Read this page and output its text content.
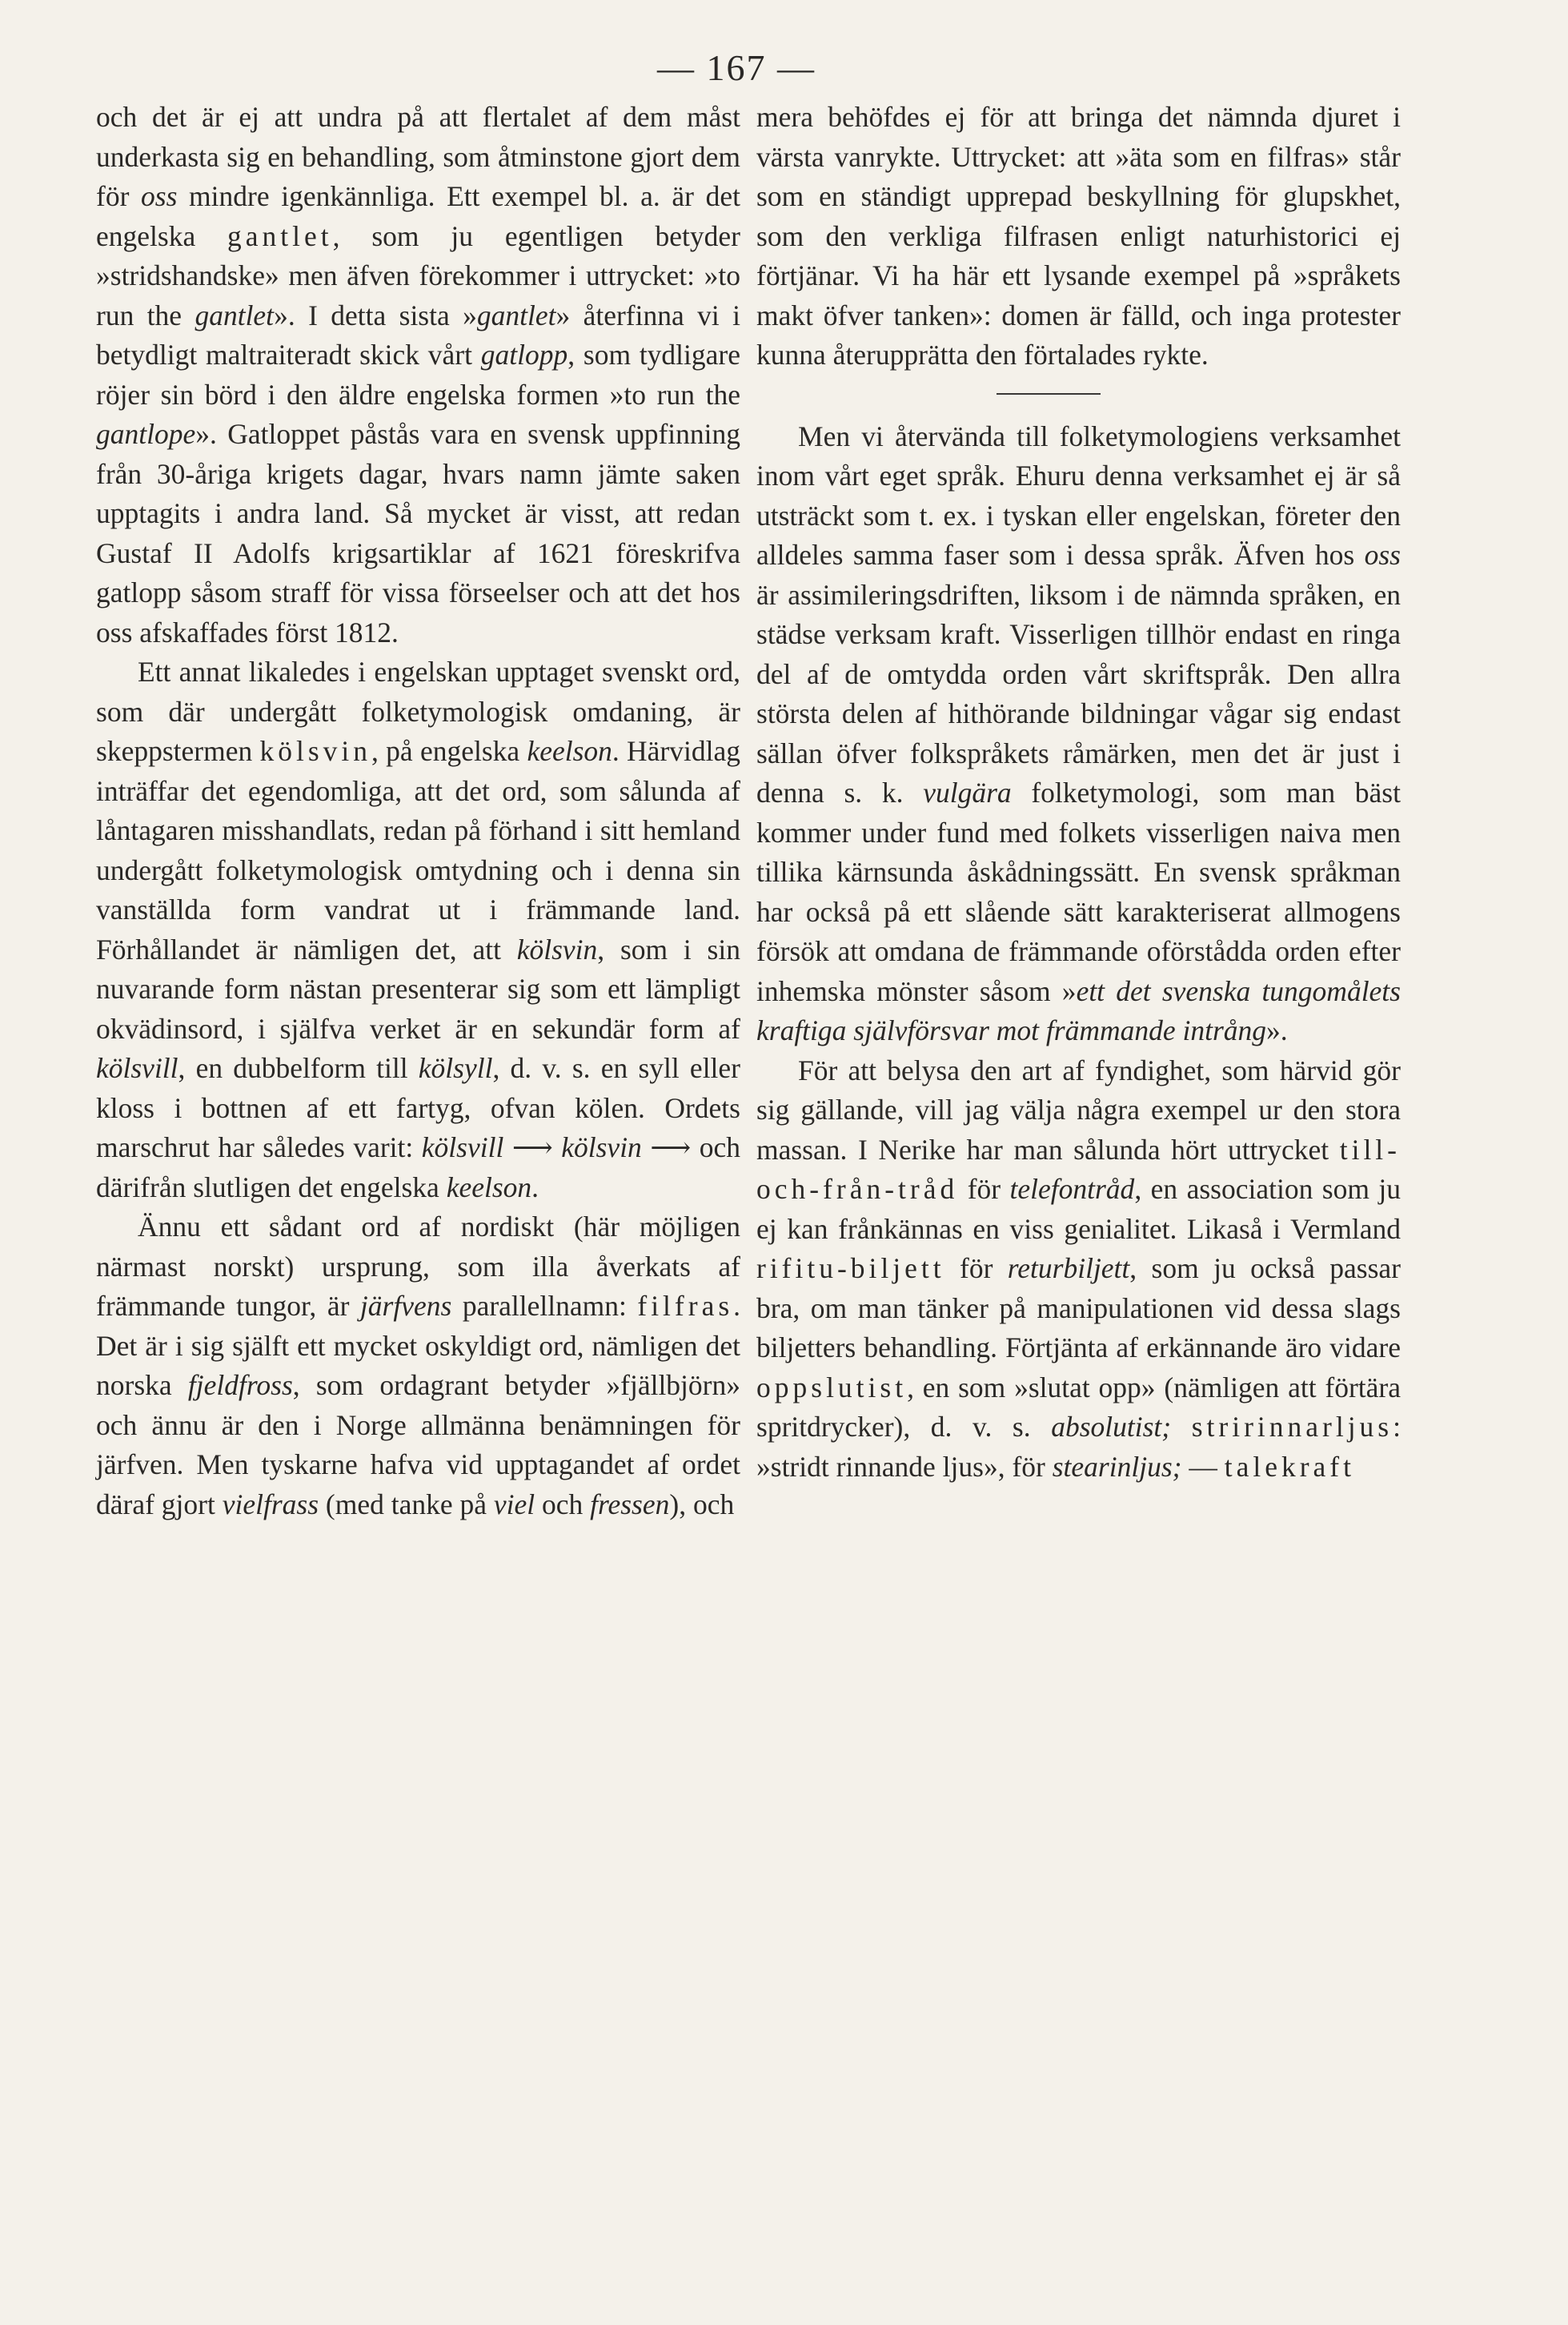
— 167 —

och det är ej att undra på att flertalet af dem måst underkasta sig en behandling, som åtminstone gjort dem för oss mindre igenkännliga. Ett exempel bl. a. är det engelska gantlet, som ju egentligen betyder »stridshandske» men äfven förekommer i uttrycket: »to run the gantlet». I detta sista »gantlet» återfinna vi i betydligt maltraiteradt skick vårt gatlopp, som tydligare röjer sin börd i den äldre engelska formen »to run the gantlope». Gatloppet påstås vara en svensk uppfinning från 30-åriga krigets dagar, hvars namn jämte saken upptagits i andra land. Så mycket är visst, att redan Gustaf II Adolfs krigsartiklar af 1621 föreskrifva gatlopp såsom straff för vissa förseelser och att det hos oss afskaffades först 1812.

Ett annat likaledes i engelskan upptaget svenskt ord, som där undergått folketymologisk omdaning, är skeppstermen kölsvin, på engelska keelson. Härvidlag inträffar det egendomliga, att det ord, som sålunda af låntagaren misshandlats, redan på förhand i sitt hemland undergått folketymologisk omtydning och i denna sin vanställda form vandrat ut i främmande land. Förhållandet är nämligen det, att kölsvin, som i sin nuvarande form nästan presenterar sig som ett lämpligt okvädinsord, i själfva verket är en sekundär form af kölsvill, en dubbelform till kölsyll, d. v. s. en syll eller kloss i bottnen af ett fartyg, ofvan kölen. Ordets marschrut har således varit: kölsvill ⟶ kölsvin ⟶ och därifrån slutligen det engelska keelson.

Ännu ett sådant ord af nordiskt (här möjligen närmast norskt) ursprung, som illa åverkats af främmande tungor, är järfvens parallellnamn: filfras. Det är i sig själft ett mycket oskyldigt ord, nämligen det norska fjeldfross, som ordagrant betyder »fjällbjörn» och ännu är den i Norge allmänna benämningen för järfven. Men tyskarne hafva vid upptagandet af ordet däraf gjort vielfrass (med tanke på viel och fressen), och

mera behöfdes ej för att bringa det nämnda djuret i värsta vanrykte. Uttrycket: att »äta som en filfras» står som en ständigt upprepad beskyllning för glupskhet, som den verkliga filfrasen enligt naturhistorici ej förtjänar. Vi ha här ett lysande exempel på »språkets makt öfver tanken»: domen är fälld, och inga protester kunna återupprätta den förtalades rykte.

Men vi återvända till folketymologiens verksamhet inom vårt eget språk. Ehuru denna verksamhet ej är så utsträckt som t. ex. i tyskan eller engelskan, företer den alldeles samma faser som i dessa språk. Äfven hos oss är assimileringsdriften, liksom i de nämnda språken, en städse verksam kraft. Visserligen tillhör endast en ringa del af de omtydda orden vårt skriftspråk. Den allra största delen af hithörande bildningar vågar sig endast sällan öfver folkspråkets råmärken, men det är just i denna s. k. vulgära folketymologi, som man bäst kommer under fund med folkets visserligen naiva men tillika kärnsunda åskådningssätt. En svensk språkman har också på ett slående sätt karakteriserat allmogens försök att omdana de främmande oförstådda orden efter inhemska mönster såsom »ett det svenska tungomålets kraftiga självförsvar mot främmande intrång».

För att belysa den art af fyndighet, som härvid gör sig gällande, vill jag välja några exempel ur den stora massan. I Nerike har man sålunda hört uttrycket till-och-från-tråd för telefontråd, en association som ju ej kan frånkännas en viss genialitet. Likaså i Vermland rifitu-biljett för returbiljett, som ju också passar bra, om man tänker på manipulationen vid dessa slags biljetters behandling. Förtjänta af erkännande äro vidare oppslutist, en som »slutat opp» (nämligen att förtära spritdrycker), d. v. s. absolutist; stririnnarljus: »stridt rinnande ljus», för stearinljus; — talekraft
